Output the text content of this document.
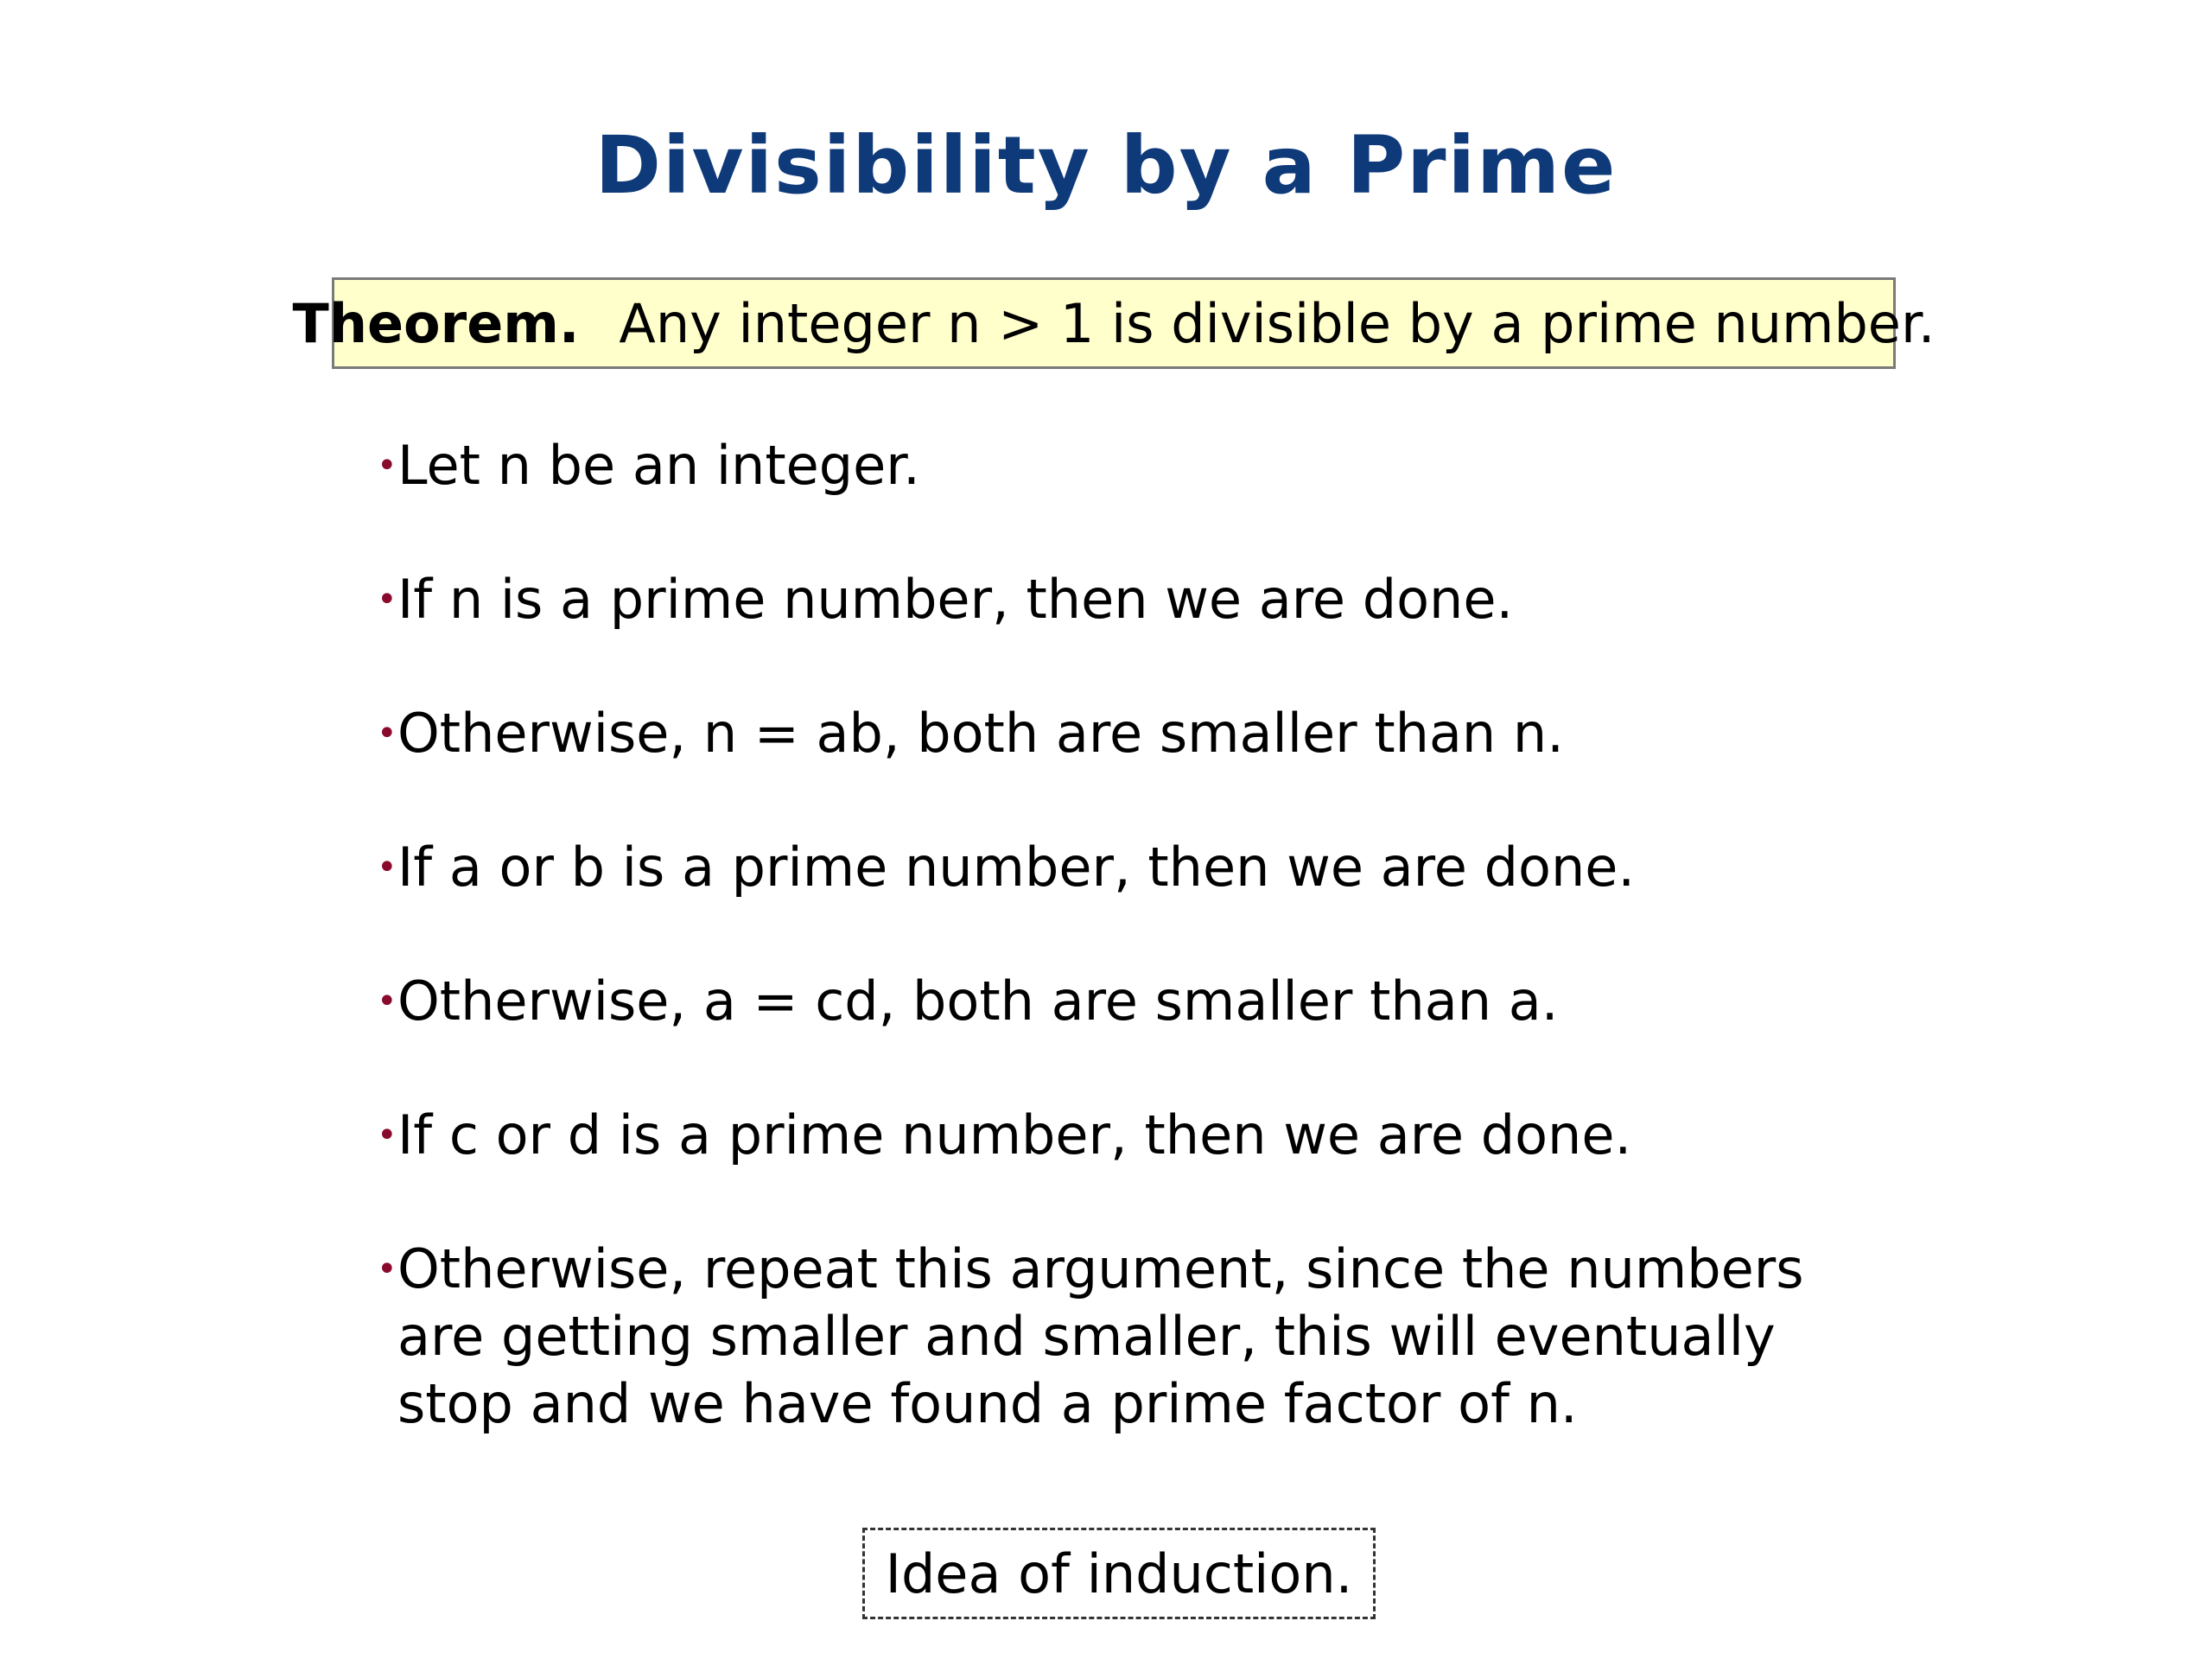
Divisibility by a Prime
Theorem. Any integer n > 1 is divisible by a prime number.
• Let n be an integer.
• If n is a prime number, then we are done.
• Otherwise, n = ab, both are smaller than n.
• If a or b is a prime number, then we are done.
• Otherwise, a = cd, both are smaller than a.
• If c or d is a prime number, then we are done.
• Otherwise, repeat this argument, since the numbers are getting smaller and smaller, this will eventually stop and we have found a prime factor of n.
Idea of induction.
